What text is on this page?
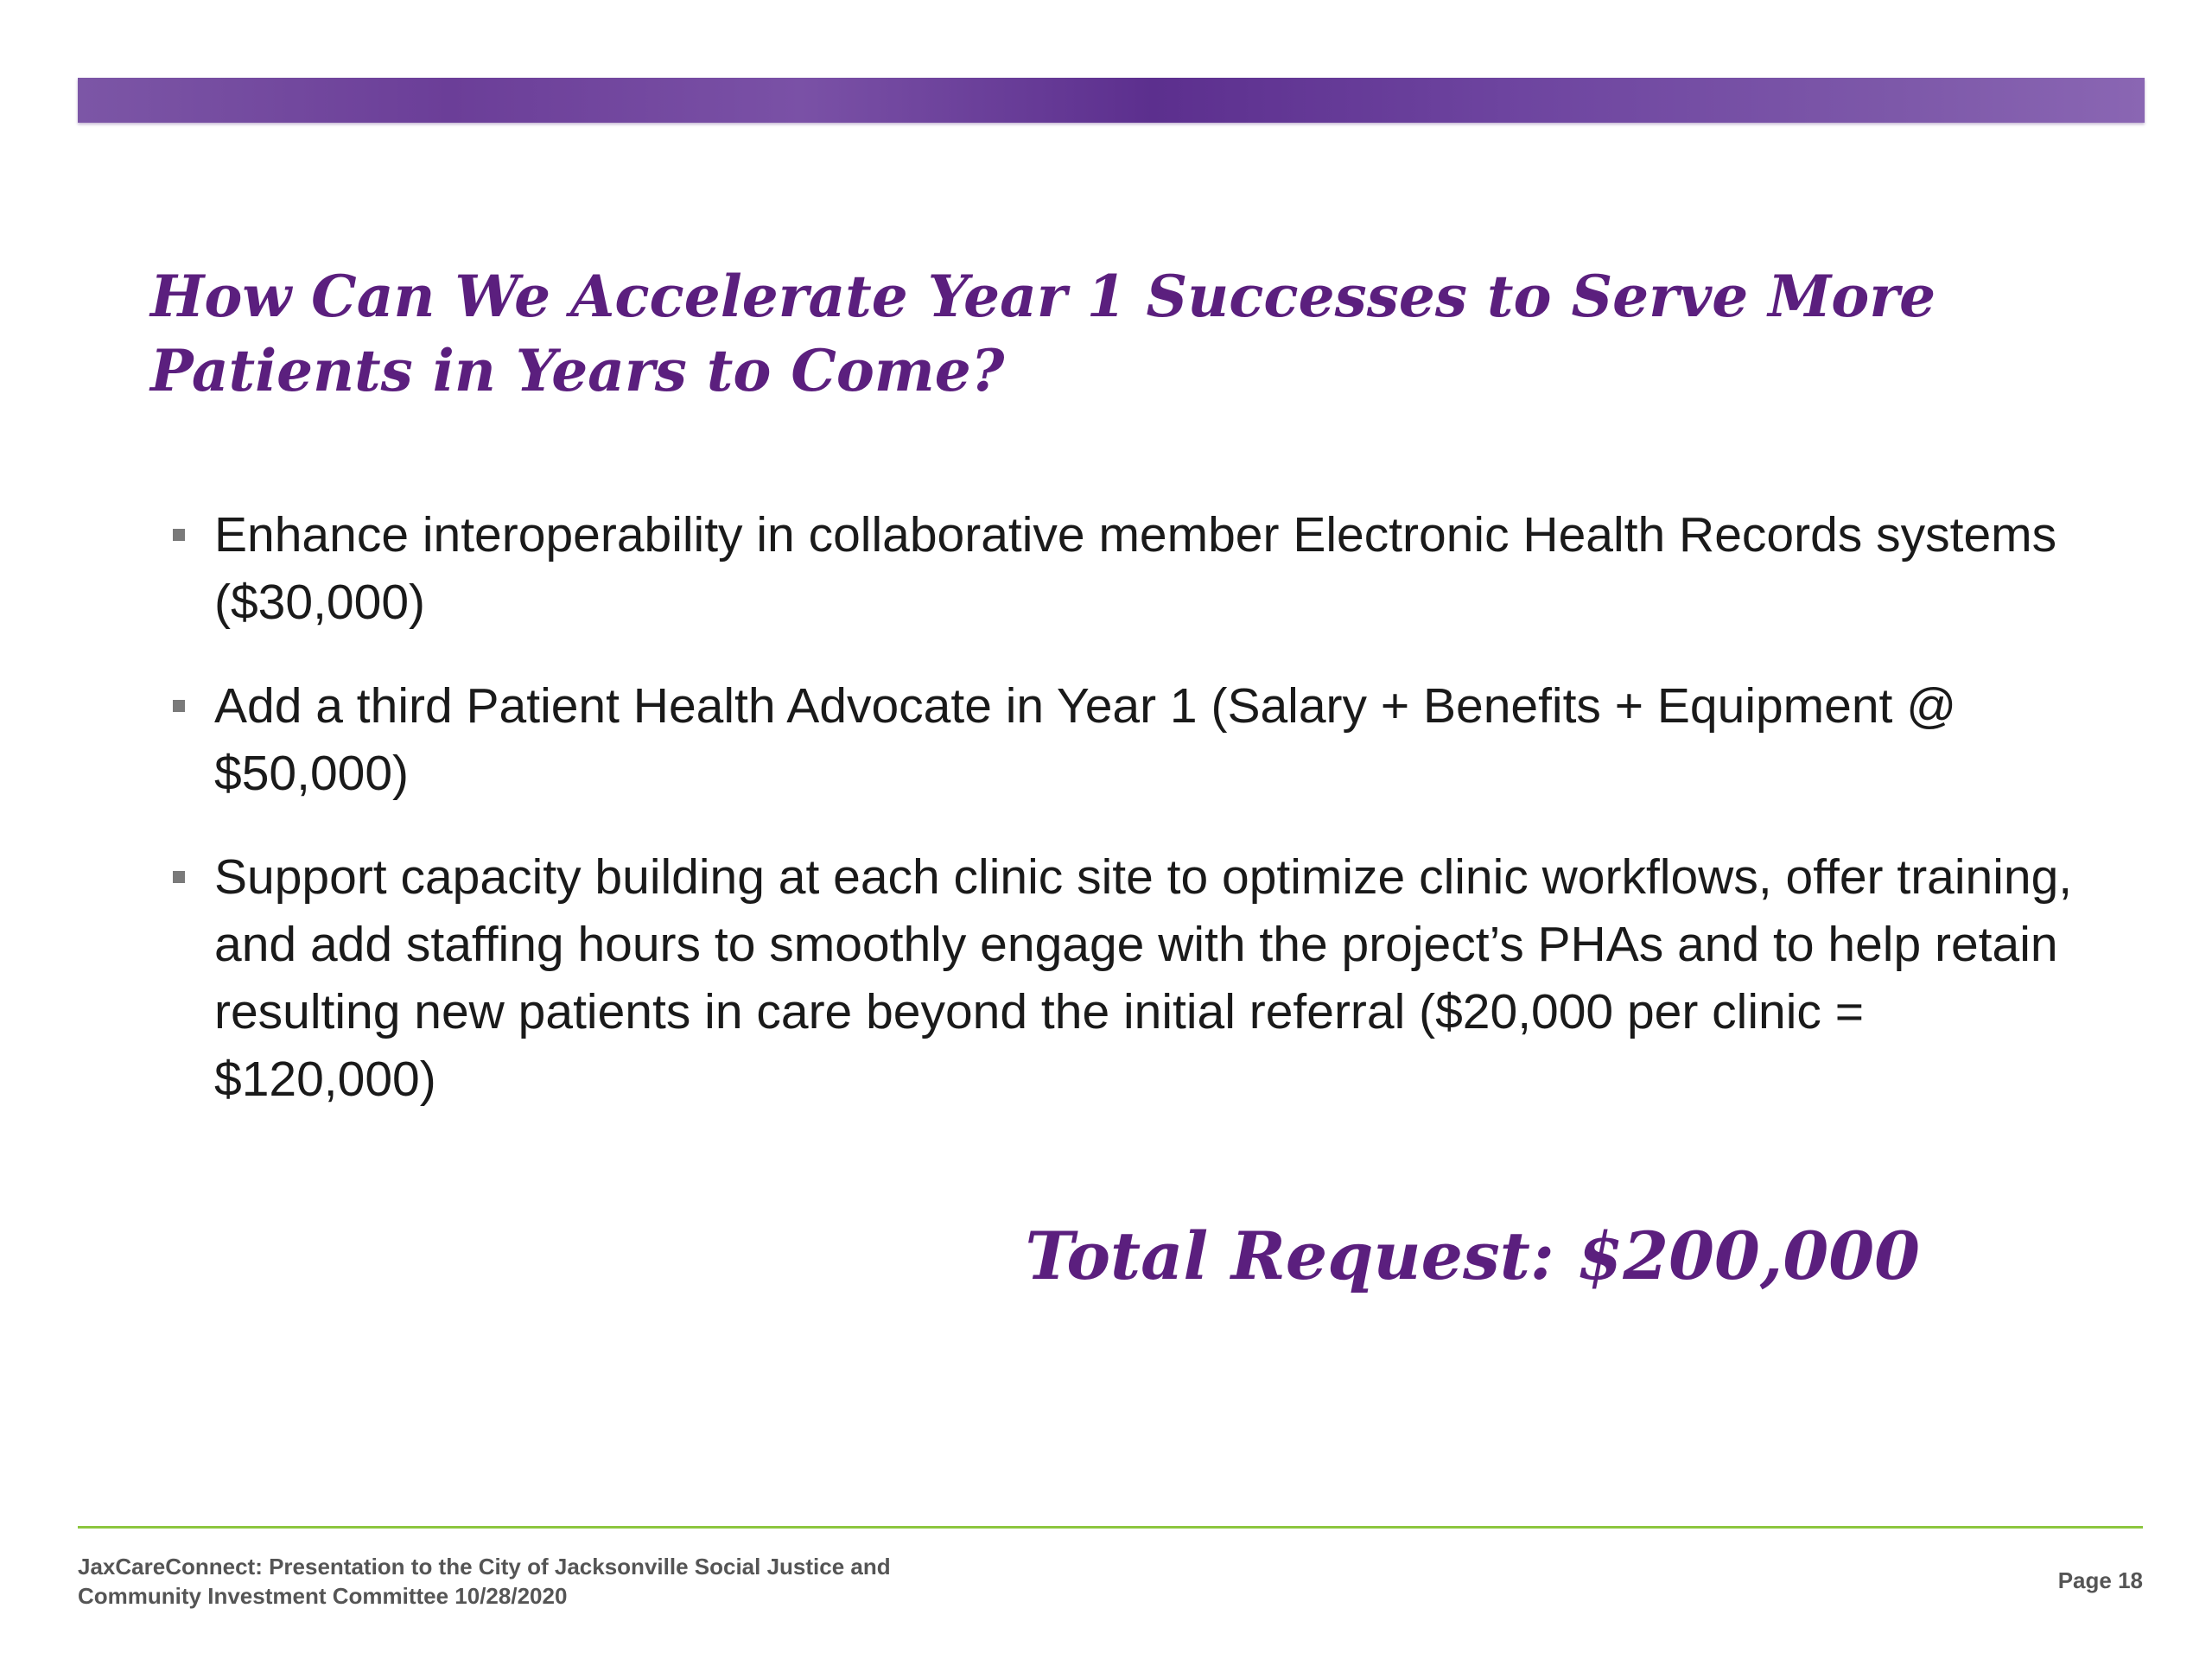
How Can We Accelerate Year 1 Successes to Serve More Patients in Years to Come?
Enhance interoperability in collaborative member Electronic Health Records systems ($30,000)
Add a third Patient Health Advocate in Year 1 (Salary + Benefits + Equipment @ $50,000)
Support capacity building at each clinic site to optimize clinic workflows, offer training, and add staffing hours to smoothly engage with the project’s PHAs and to help retain resulting new patients in care beyond the initial referral ($20,000 per clinic = $120,000)

Total Request: $200,000

JaxCareConnect: Presentation to the City of Jacksonville Social Justice and
Community Investment Committee 10/28/2020
Page 18
